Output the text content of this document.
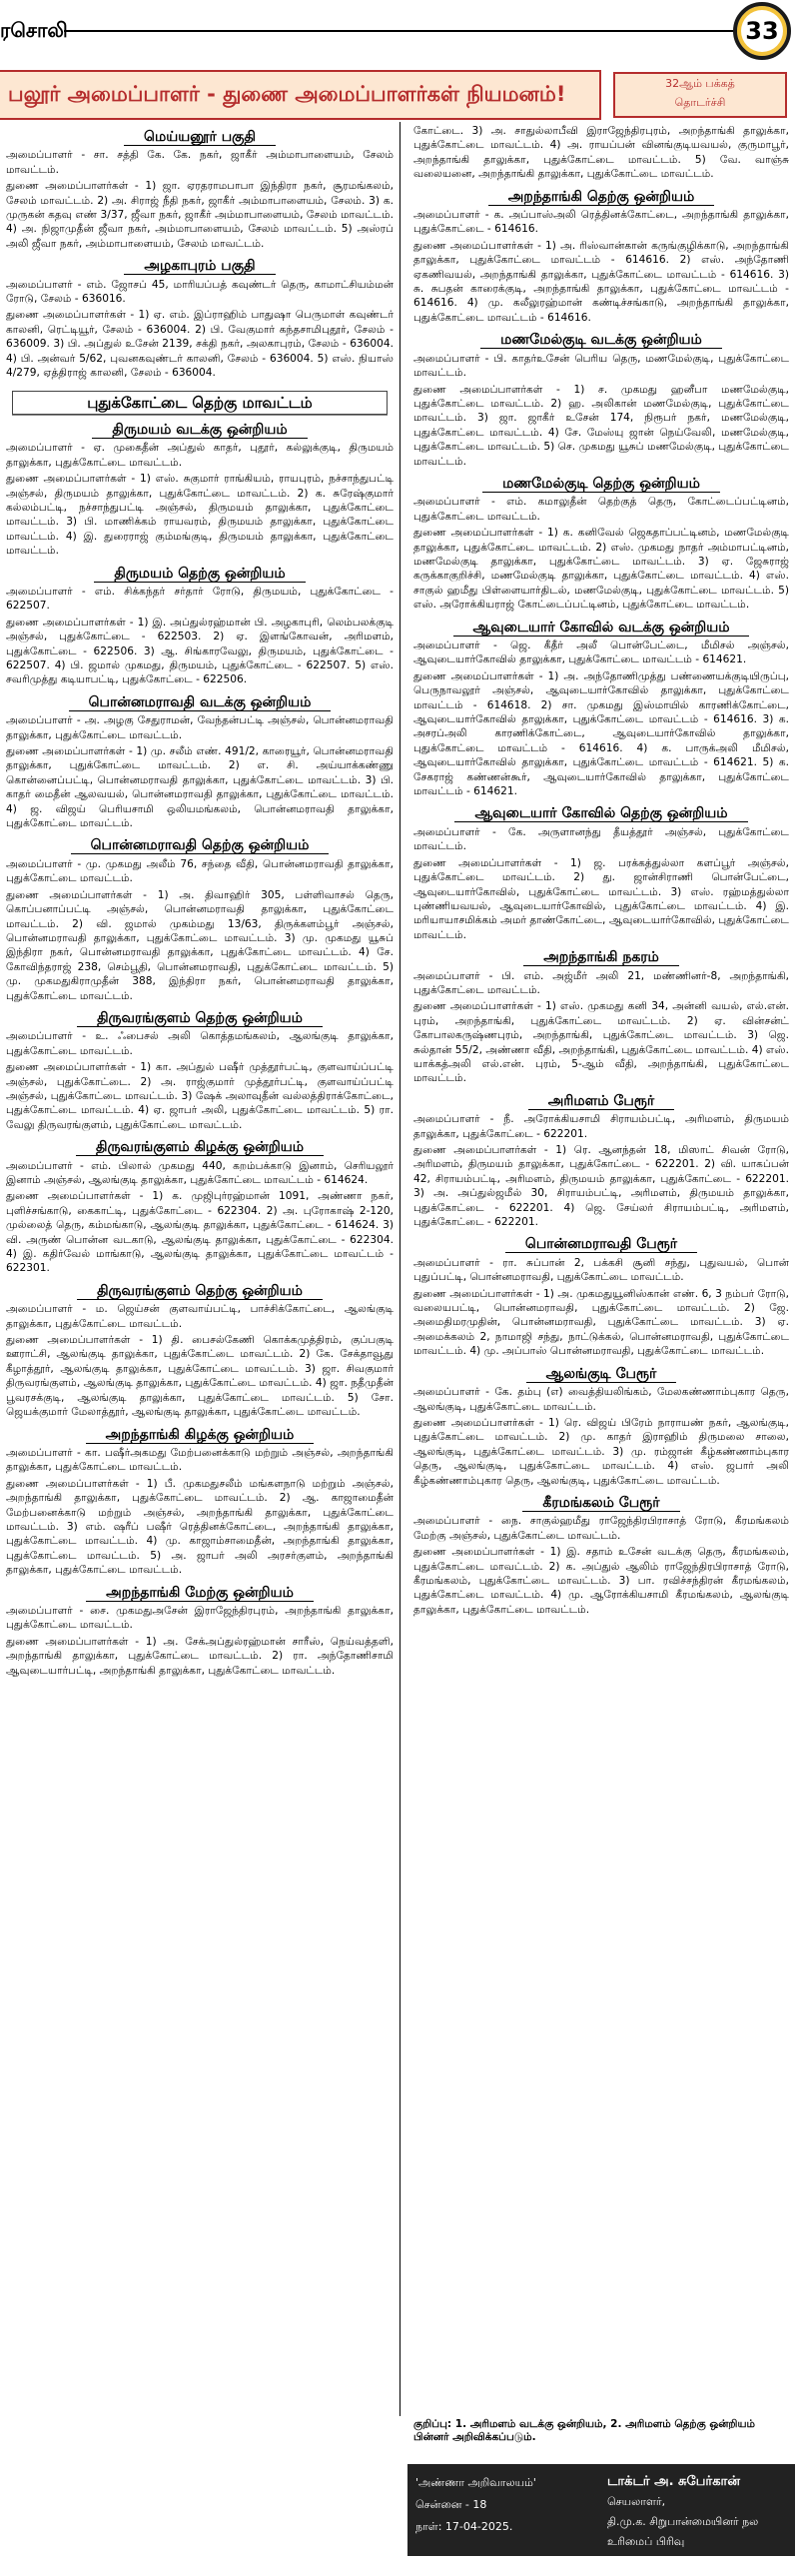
ரசொலி	33
பலூர் அமைப்பாளர் - துணை அமைப்பாளர்கள் நியமனம்!	32ஆம் பக்கத்
தொடர்ச்சி
மெய்யனூர் பகுதி
அமைப்பாளர் - சா. சத்தி கே. கே. நகர், ஜாகீர் அம்மாபாளையம், சேலம் மாவட்டம்.
துணை அமைப்பாளர்கள் - 1) ஜா. ஏரதராமபாபா இந்திரா நகர், சூரமங்கலம், சேலம் மாவட்டம். 2) அ. சிராஜ் நீதி நகர், ஜாகீர் அம்மாபாளையம், சேலம். 3) க. முருகன் கதவு எண் 3/37, ஜீவா நகர், ஜாகீர் அம்மாபாளையம், சேலம் மாவட்டம். 4) அ. நிஜாமுதீன் ஜீவா நகர், அம்மாபாளையம், சேலம் மாவட்டம். 5) அஸ்ரப் அலி ஜீவா நகர், அம்மாபாளையம், சேலம் மாவட்டம்.
அழகாபுரம் பகுதி
அமைப்பாளர் - எம். ஜோசப் 45, மாரியப்பத் கவுண்டர் தெரு, காமாட்சியம்மன் ரோடு, சேலம் - 636016.
துணை அமைப்பாளர்கள் - 1) ஏ. எம். இப்ராஹிம் பாதுஷா பெருமாள் கவுண்டர் காலனி, ரெட்டியூர், சேலம் - 636004. 2) பி. வேகுமார் கந்தசாமிபுதூர், சேலம் - 636009. 3) பி. அப்துல் உசேன் 2139, சக்தி நகர், அலகாபுரம், சேலம் - 636004. 4) பி. அன்வர் 5/62, புவனகவுண்டர் காலனி, சேலம் - 636004. 5) எஸ். நியாஸ் 4/279, ஏத்திராஜ் காலனி, சேலம் - 636004.
புதுக்கோட்டை தெற்கு மாவட்டம்
திருமயம் வடக்கு ஒன்றியம்
அமைப்பாளர் - ஏ. முகைதீன் அப்துல் காதர், புதூர், கல்லுக்குடி, திருமயம் தாலுக்கா, புதுக்கோட்டை மாவட்டம்.
துணை அமைப்பாளர்கள் - 1) எஸ். சுகுமார் ராங்கியம், ராயபுரம், நச்சாந்துபட்டி அஞ்சல், திருமயம் தாலுக்கா, புதுக்கோட்டை மாவட்டம். 2) க. சுரேஷ்குமார் கல்லம்பட்டி, நச்சாந்துபட்டி அஞ்சல், திருமயம் தாலுக்கா, புதுக்கோட்டை மாவட்டம். 3) பி. மாணிக்கம் ராயவரம், திருமயம் தாலுக்கா, புதுக்கோட்டை மாவட்டம். 4) இ. துரைராஜ் கும்மங்குடி, திருமயம் தாலுக்கா, புதுக்கோட்டை மாவட்டம்.
திருமயம் தெற்கு ஒன்றியம்
அமைப்பாளர் - எம். சிக்கந்தர் சர்தார் ரோடு, திருமயம், புதுக்கோட்டை - 622507.
துணை அமைப்பாளர்கள் - 1) இ. அப்துல்ரஹ்மான் பி. அழகாபுரி, லெம்பலக்குடி அஞ்சல், புதுக்கோட்டை - 622503. 2) ஏ. இளங்கோவன், அரிமளம், புதுக்கோட்டை - 622506. 3) ஆ. சிங்காரவேலு, திருமயம், புதுக்கோட்டை - 622507. 4) பி. ஜமால் முகமது, திருமயம், புதுக்கோட்டை - 622507. 5) எஸ். சவரிமுத்து கடியாபட்டி, புதுக்கோட்டை - 622506.
பொன்னமராவதி வடக்கு ஒன்றியம்
அமைப்பாளர் - அ. அழகு சேதுராமன், வேந்தன்பட்டி அஞ்சல், பொன்னமராவதி தாலுக்கா, புதுக்கோட்டை மாவட்டம்.
துணை அமைப்பாளர்கள் - 1) மு. சலீம் எண். 491/2, காரையூர், பொன்னமராவதி தாலுக்கா, புதுக்கோட்டை மாவட்டம். 2) எ. சி. அய்யாக்கண்ணு கொன்னைப்பட்டி, பொன்னமராவதி தாலுக்கா, புதுக்கோட்டை மாவட்டம். 3) பி. காதர் மைதீன் ஆலவயல், பொன்னமராவதி தாலுக்கா, புதுக்கோட்டை மாவட்டம். 4) ஜ. விஜய் பெரியசாமி ஒலியமங்கலம், பொன்னமராவதி தாலுக்கா, புதுக்கோட்டை மாவட்டம்.
பொன்னமராவதி தெற்கு ஒன்றியம்
அமைப்பாளர் - மு. முகமது அலீம் 76, சந்தை வீதி, பொன்னமராவதி தாலுக்கா, புதுக்கோட்டை மாவட்டம்.
துணை அமைப்பாளர்கள் - 1) அ. திவாஹிர் 305, பள்ளிவாசல் தெரு, கொப்பனாப்பட்டி அஞ்சல், பொன்னமராவதி தாலுக்கா, புதுக்கோட்டை மாவட்டம். 2) வி. ஜமால் முகம்மது 13/63, திருக்களம்பூர் அஞ்சல், பொன்னமராவதி தாலுக்கா, புதுக்கோட்டை மாவட்டம். 3) மு. முகமது யூசுப் இந்திரா நகர், பொன்னமராவதி தாலுக்கா, புதுக்கோட்டை மாவட்டம். 4) சே. கோவிந்தராஜ் 238, செம்பூதி, பொன்னமராவதி, புதுக்கோட்டை மாவட்டம். 5) மு. முகமதுகிராமுதீன் 388, இந்திரா நகர், பொன்னமராவதி தாலுக்கா, புதுக்கோட்டை மாவட்டம்.
திருவரங்குளம் தெற்கு ஒன்றியம்
அமைப்பாளர் - உ. ஃபைசல் அலி கொத்தமங்கலம், ஆலங்குடி தாலுக்கா, புதுக்கோட்டை மாவட்டம்.
துணை அமைப்பாளர்கள் - 1) கா. அப்துல் பஷீர் முத்தூர்பட்டி, குளவாய்ப்பட்டி அஞ்சல், புதுக்கோட்டை. 2) அ. ராஜ்குமார் முத்தூர்பட்டி, குளவாய்ப்பட்டி அஞ்சல், புதுக்கோட்டை மாவட்டம். 3) ஷேக் அலாவுதீன் வல்லத்திராக்கோட்டை, புதுக்கோட்டை மாவட்டம். 4) ஏ. ஜாபர் அலி, புதுக்கோட்டை மாவட்டம். 5) ரா. வேலு திருவரங்குளம், புதுக்கோட்டை மாவட்டம்.
திருவரங்குளம் கிழக்கு ஒன்றியம்
அமைப்பாளர் - எம். பிலால் முகமது 440, கறம்பக்காடு இனாம், செரியலூர் இனாம் அஞ்சல், ஆலங்குடி தாலுக்கா, புதுக்கோட்டை மாவட்டம் - 614624.
துணை அமைப்பாளர்கள் - 1) க. முஜிபுர்ரஹ்மான் 1091, அண்ணா நகர், புளிச்சங்காடு, கைகாட்டி, புதுக்கோட்டை - 622304. 2) அ. புரோகாஷ் 2-120, முல்லைத் தெரு, கம்மங்காடு, ஆலங்குடி தாலுக்கா, புதுக்கோட்டை - 614624. 3) வி. அருண் பொன்ன வடகாடு, ஆலங்குடி தாலுக்கா, புதுக்கோட்டை - 622304. 4) இ. கதிர்வேல் மாங்காடு, ஆலங்குடி தாலுக்கா, புதுக்கோட்டை மாவட்டம் - 622301.
திருவரங்குளம் தெற்கு ஒன்றியம்
அமைப்பாளர் - ம. ஜெய்சன் குளவாய்பட்டி, பாச்சிக்கோட்டை, ஆலங்குடி தாலுக்கா, புதுக்கோட்டை மாவட்டம்.
துணை அமைப்பாளர்கள் - 1) தி. பைசல்கேணி கொக்கமுத்திரம், குப்பகுடி ஊராட்சி, ஆலங்குடி தாலுக்கா, புதுக்கோட்டை மாவட்டம். 2) கே. சேக்தாவூது கீழாத்தூர், ஆலங்குடி தாலுக்கா, புதுக்கோட்டை மாவட்டம். 3) ஜா. சிவகுமார் திருவரங்குளம், ஆலங்குடி தாலுக்கா, புதுக்கோட்டை மாவட்டம். 4) ஜா. நதீமுதீன் பூவரசக்குடி, ஆலங்குடி தாலுக்கா, புதுக்கோட்டை மாவட்டம். 5) சோ. ஜெயக்குமார் மேலாத்தூர், ஆலங்குடி தாலுக்கா, புதுக்கோட்டை மாவட்டம்.
அறந்தாங்கி கிழக்கு ஒன்றியம்
அமைப்பாளர் - கா. பஷீர்அகமது மேற்பனைக்காடு மற்றும் அஞ்சல், அறந்தாங்கி தாலுக்கா, புதுக்கோட்டை மாவட்டம்.
துணை அமைப்பாளர்கள் - 1) பீ. முகமதுசலீம் மங்களநாடு மற்றும் அஞ்சல், அறந்தாங்கி தாலுக்கா, புதுக்கோட்டை மாவட்டம். 2) ஆ. காஜாமைதீன் மேற்பனைக்காடு மற்றும் அஞ்சல், அறந்தாங்கி தாலுக்கா, புதுக்கோட்டை மாவட்டம். 3) எம். ஷரீப் பஷீர் ரெத்தினக்கோட்டை, அறந்தாங்கி தாலுக்கா, புதுக்கோட்டை மாவட்டம். 4) மு. காஜாம்சாமைதீன், அறந்தாங்கி தாலுக்கா, புதுக்கோட்டை மாவட்டம். 5) அ. ஜாபர் அலி அரசர்குளம், அறந்தாங்கி தாலுக்கா, புதுக்கோட்டை மாவட்டம்.
அறந்தாங்கி மேற்கு ஒன்றியம்
அமைப்பாளர் - சை. முகமதுஅசேன் இராஜேந்திரபுரம், அறந்தாங்கி தாலுக்கா, புதுக்கோட்டை மாவட்டம்.
துணை அமைப்பாளர்கள் - 1) அ. சேக்அப்துல்ரஹ்மான் சாரீஸ், நெய்வத்தளி, அறந்தாங்கி தாலுக்கா, புதுக்கோட்டை மாவட்டம். 2) ரா. அந்தோணிசாமி ஆவுடையார்பட்டி, அறந்தாங்கி தாலுக்கா, புதுக்கோட்டை மாவட்டம்.
கோட்டை. 3) அ. சாதுல்லாபீவி இராஜேந்திரபுரம், அறந்தாங்கி தாலுக்கா, புதுக்கோட்டை மாவட்டம். 4) அ. ராயப்பன் வினங்குடியவயல், குருமாபூர், அறந்தாங்கி தாலுக்கா, புதுக்கோட்டை மாவட்டம். 5) வே. வாஞ்சு வலையனை, அறந்தாங்கி தாலுக்கா, புதுக்கோட்டை மாவட்டம்.
அறந்தாங்கி தெற்கு ஒன்றியம்
அமைப்பாளர் - க. அப்பாஸ்அலி ரெத்தினக்கோட்டை, அறந்தாங்கி தாலுக்கா, புதுக்கோட்டை - 614616.
துணை அமைப்பாளர்கள் - 1) அ. ரிஸ்வான்கான் கருங்குழிக்காடு, அறந்தாங்கி தாலுக்கா, புதுக்கோட்டை மாவட்டம் - 614616. 2) எஸ். அந்தோணி ஏகணிவயல், அறந்தாங்கி தாலுக்கா, புதுக்கோட்டை மாவட்டம் - 614616. 3) சு. சுபதன் காரைக்குடி, அறந்தாங்கி தாலுக்கா, புதுக்கோட்டை மாவட்டம் - 614616. 4) மு. கலீலுரஹ்மான் கண்டிச்சங்காடு, அறந்தாங்கி தாலுக்கா, புதுக்கோட்டை மாவட்டம் - 614616.
மணமேல்குடி வடக்கு ஒன்றியம்
அமைப்பாளர் - பி. காதர்உசேன் பெரிய தெரு, மணமேல்குடி, புதுக்கோட்டை மாவட்டம்.
துணை அமைப்பாளர்கள் - 1) ச. முகமது ஹனீபா மணமேல்குடி, புதுக்கோட்டை மாவட்டம். 2) ஹ. அலிகான் மணமேல்குடி, புதுக்கோட்டை மாவட்டம். 3) ஜா. ஜாகீர் உசேன் 174, நிரூபர் நகர், மணமேல்குடி, புதுக்கோட்டை மாவட்டம். 4) சே. மேஸ்யு ஜான் நெய்வேலி, மணமேல்குடி, புதுக்கோட்டை மாவட்டம். 5) செ. முகமது யூசுப் மணமேல்குடி, புதுக்கோட்டை மாவட்டம்.
மணமேல்குடி தெற்கு ஒன்றியம்
அமைப்பாளர் - எம். கமாலுதீன் தெற்குத் தெரு, கோட்டைப்பட்டினம், புதுக்கோட்டை மாவட்டம்.
துணை அமைப்பாளர்கள் - 1) க. கனிவேல் ஜெகதாப்பட்டினம், மணமேல்குடி தாலுக்கா, புதுக்கோட்டை மாவட்டம். 2) எஸ். முகமது நாதர் அம்மாபட்டினம், மணமேல்குடி தாலுக்கா, புதுக்கோட்டை மாவட்டம். 3) ஏ. ஜேசுராஜ் கருக்காகுறிச்சி, மணமேல்குடி தாலுக்கா, புதுக்கோட்டை மாவட்டம். 4) எஸ். சாகுல் ஹமீது பிள்ளையார்திடல், மணமேல்குடி, புதுக்கோட்டை மாவட்டம். 5) எஸ். அரோக்கியராஜ் கோட்டைப்பட்டினம், புதுக்கோட்டை மாவட்டம்.
ஆவுடையார் கோவில் வடக்கு ஒன்றியம்
அமைப்பாளர் - ஜெ. கீதீர் அலீ பொன்பேட்டை, மீமிசல் அஞ்சல், ஆவுடையார்கோவில் தாலுக்கா, புதுக்கோட்டை மாவட்டம் - 614621.
துணை அமைப்பாளர்கள் - 1) அ. அந்தோணிமுத்து பண்ணையக்குடியிருப்பு, பெருநாவலூர் அஞ்சல், ஆவுடையார்கோவில் தாலுக்கா, புதுக்கோட்டை மாவட்டம் - 614618. 2) சா. முகமது இஸ்மாயில் காரணிக்கோட்டை, ஆவுடையார்கோவில் தாலுக்கா, புதுக்கோட்டை மாவட்டம் - 614616. 3) க. அசரப்அலி காரணிக்கோட்டை, ஆவுடையார்கோவில் தாலுக்கா, புதுக்கோட்டை மாவட்டம் - 614616. 4) க. பாருக்அலி மீமிசல், ஆவுடையார்கோவில் தாலுக்கா, புதுக்கோட்டை மாவட்டம் - 614621. 5) க. சேகராஜ் கண்ணன்கூர், ஆவுடையார்கோவில் தாலுக்கா, புதுக்கோட்டை மாவட்டம் - 614621.
ஆவுடையார் கோவில் தெற்கு ஒன்றியம்
அமைப்பாளர் - கே. அருளானந்து தீயத்தூர் அஞ்சல், புதுக்கோட்டை மாவட்டம்.
துணை அமைப்பாளர்கள் - 1) ஜ. பரக்கத்துல்லா களப்பூர் அஞ்சல், புதுக்கோட்டை மாவட்டம். 2) து. ஜான்சிராணி பொன்பேட்டை, ஆவுடையார்கோவில், புதுக்கோட்டை மாவட்டம். 3) எஸ். ரஹ்மத்துல்லா புண்ணியவயல், ஆவுடையார்கோவில், புதுக்கோட்டை மாவட்டம். 4) இ. மரியாயாசமிக்கம் அமர் தாண்கோட்டை, ஆவுடையார்கோவில், புதுக்கோட்டை மாவட்டம்.
அறந்தாங்கி நகரம்
அமைப்பாளர் - பி. எம். அஜ்மீர் அலி 21, மண்ணினர்-8, அறந்தாங்கி, புதுக்கோட்டை மாவட்டம்.
துணை அமைப்பாளர்கள் - 1) எஸ். முகமது கனி 34, அன்னி வயல், எல்.என். புரம், அறந்தாங்கி, புதுக்கோட்டை மாவட்டம். 2) ஏ. வின்சன்ட் கோபாலகருஷ்ணபுரம், அறந்தாங்கி, புதுக்கோட்டை மாவட்டம். 3) ஜெ. சுல்தான் 55/2, அண்ணா வீதி, அறந்தாங்கி, புதுக்கோட்டை மாவட்டம். 4) எஸ். யாக்கத்அலி எல்.என். புரம், 5-ஆம் வீதி, அறந்தாங்கி, புதுக்கோட்டை மாவட்டம்.
அரிமளம் பேரூர்
அமைப்பாளர் - நீ. அரோக்கியசாமி சிராயம்பட்டி, அரிமளம், திருமயம் தாலுக்கா, புதுக்கோட்டை - 622201.
துணை அமைப்பாளர்கள் - 1) ரெ. ஆனந்தன் 18, மிஸாட் சிவன் ரோடு, அரிமளம், திருமயம் தாலுக்கா, புதுக்கோட்டை - 622201. 2) வி. யாகப்பன் 42, சிராயம்பட்டி, அரிமளம், திருமயம் தாலுக்கா, புதுக்கோட்டை - 622201. 3) அ. அப்துல்ஜமீல் 30, சிராயம்பட்டி, அரிமளம், திருமயம் தாலுக்கா, புதுக்கோட்டை - 622201. 4) ஜெ. சேய்லர் சிராயம்பட்டி, அரிமளம், புதுக்கோட்டை - 622201.
பொன்னமராவதி பேரூர்
அமைப்பாளர் - ரா. சுப்பான் 2, பக்கசி சூனி சந்து, புதுவயல், பொன் புதுப்பட்டி, பொன்னமராவதி, புதுக்கோட்டை மாவட்டம்.
துணை அமைப்பாளர்கள் - 1) அ. முகமதுயூனிஸ்கான் எண். 6, 3 நம்பர் ரோடு, வலையபட்டி, பொன்னமராவதி, புதுக்கோட்டை மாவட்டம். 2) ஜே. அமைதிமரமுதின், பொன்னமராவதி, புதுக்கோட்டை மாவட்டம். 3) ஏ. அமைக்கலம் 2, நாமாஜி சந்து, நாட்டுக்கல், பொன்னமராவதி, புதுக்கோட்டை மாவட்டம். 4) மு. அப்பாஸ் பொன்னமராவதி, புதுக்கோட்டை மாவட்டம்.
ஆலங்குடி பேரூர்
அமைப்பாளர் - கே. தம்பு (எ) வைத்தியலிங்கம், மேலகண்ணாம்புகார தெரு, ஆலங்குடி, புதுக்கோட்டை மாவட்டம்.
துணை அமைப்பாளர்கள் - 1) ரெ. விஜய் பிரேம் நாராயண் நகர், ஆலங்குடி, புதுக்கோட்டை மாவட்டம். 2) மு. காதர் இராஹிம் திருமலை சாலை, ஆலங்குடி, புதுக்கோட்டை மாவட்டம். 3) மு. ரம்ஜான் கீழ்கண்ணாம்புகார தெரு, ஆலங்குடி, புதுக்கோட்டை மாவட்டம். 4) எஸ். ஜபார் அலி கீழ்கண்ணாம்புகார தெரு, ஆலங்குடி, புதுக்கோட்டை மாவட்டம்.
கீரமங்கலம் பேரூர்
அமைப்பாளர் - நை. சாகுல்ஹமீது ராஜேந்திரபிராசாத் ரோடு, கீரமங்கலம் மேற்கு அஞ்சல், புதுக்கோட்டை மாவட்டம்.
துணை அமைப்பாளர்கள் - 1) இ. சதாம் உசேன் வடக்கு தெரு, கீரமங்கலம், புதுக்கோட்டை மாவட்டம். 2) க. அப்துல் ஆலிம் ராஜேந்திரபிராசாத் ரோடு, கீரமங்கலம், புதுக்கோட்டை மாவட்டம். 3) பா. ரவிச்சந்திரன் கீரமங்கலம், புதுக்கோட்டை மாவட்டம். 4) மு. ஆரோக்கியசாமி கீரமங்கலம், ஆலங்குடி தாலுக்கா, புதுக்கோட்டை மாவட்டம்.
குறிப்பு: 1. அரிமளம் வடக்கு ஒன்றியம், 2. அரிமளம் தெற்கு ஒன்றியம் பின்னர் அறிவிக்கப்படும்.
'அண்ணா அறிவாலயம்'
சென்னை - 18
நாள்: 17-04-2025.
டாக்டர் அ. சுபேர்கான்
செயலாளர்,
தி.மு.க. சிறுபான்மையினர் நல உரிமைப் பிரிவு
